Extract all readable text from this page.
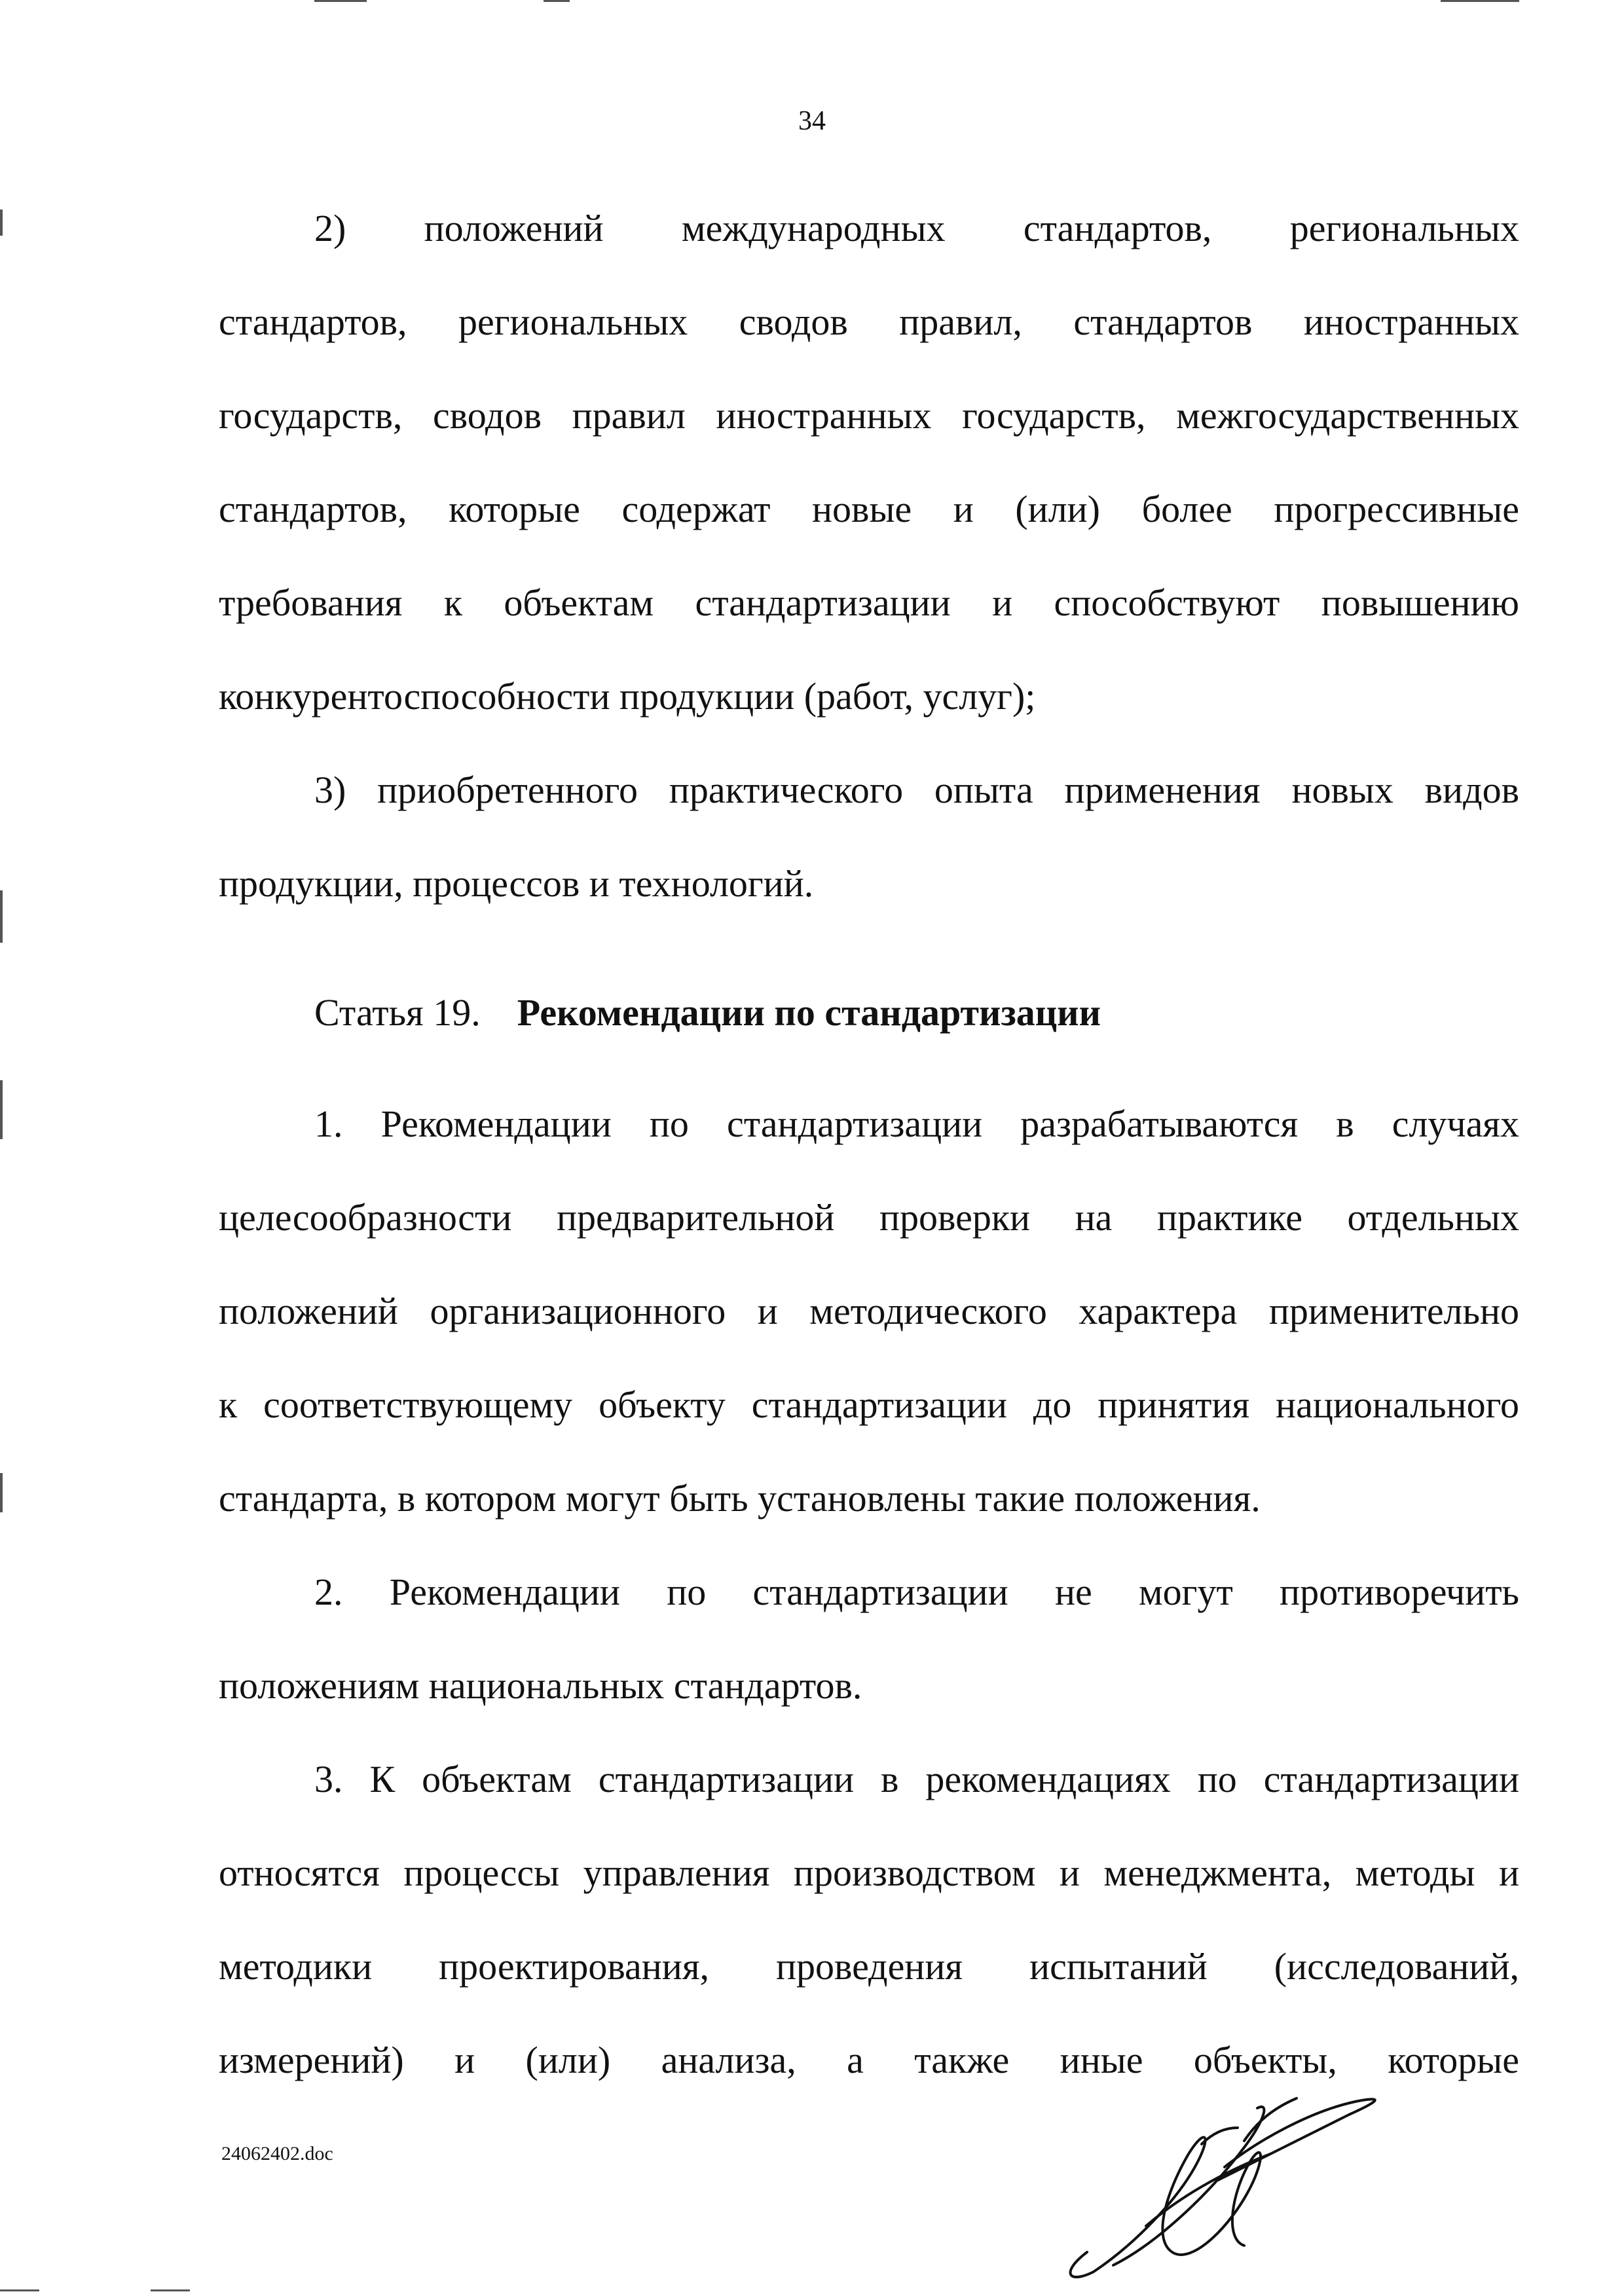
34
2) положений международных стандартов, региональных
стандартов, региональных сводов правил, стандартов иностранных
государств, сводов правил иностранных государств, межгосударственных
стандартов, которые содержат новые и (или) более прогрессивные
требования к объектам стандартизации и способствуют повышению
конкурентоспособности продукции (работ, услуг);
3) приобретенного практического опыта применения новых видов
продукции, процессов и технологий.
Статья 19. Рекомендации по стандартизации
1. Рекомендации по стандартизации разрабатываются в случаях
целесообразности предварительной проверки на практике отдельных
положений организационного и методического характера применительно
к соответствующему объекту стандартизации до принятия национального
стандарта, в котором могут быть установлены такие положения.
2. Рекомендации по стандартизации не могут противоречить
положениям национальных стандартов.
3. К объектам стандартизации в рекомендациях по стандартизации
относятся процессы управления производством и менеджмента, методы и
методики проектирования, проведения испытаний (исследований,
измерений) и (или) анализа, а также иные объекты, которые
24062402.doc
